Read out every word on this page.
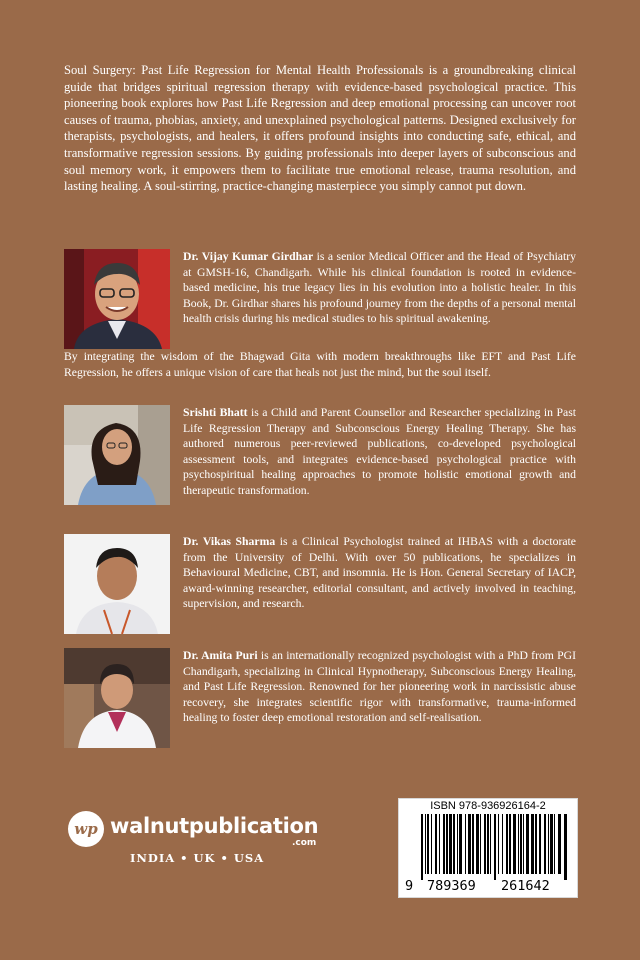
Soul Surgery: Past Life Regression for Mental Health Professionals is a groundbreaking clinical guide that bridges spiritual regression therapy with evidence-based psychological practice. This pioneering book explores how Past Life Regression and deep emotional processing can uncover root causes of trauma, phobias, anxiety, and unexplained psychological patterns. Designed exclusively for therapists, psychologists, and healers, it offers profound insights into conducting safe, ethical, and transformative regression sessions. By guiding professionals into deeper layers of subconscious and soul memory work, it empowers them to facilitate true emotional release, trauma resolution, and lasting healing. A soul-stirring, practice-changing masterpiece you simply cannot put down.
Dr. Vijay Kumar Girdhar is a senior Medical Officer and the Head of Psychiatry at GMSH-16, Chandigarh. While his clinical foundation is rooted in evidence-based medicine, his true legacy lies in his evolution into a holistic healer. In this Book, Dr. Girdhar shares his profound journey from the depths of a personal mental health crisis during his medical studies to his spiritual awakening.
By integrating the wisdom of the Bhagwad Gita with modern breakthroughs like EFT and Past Life Regression, he offers a unique vision of care that heals not just the mind, but the soul itself.
Srishti Bhatt is a Child and Parent Counsellor and Researcher specializing in Past Life Regression Therapy and Subconscious Energy Healing Therapy. She has authored numerous peer-reviewed publications, co-developed psychological assessment tools, and integrates evidence-based psychological practice with psychospiritual healing approaches to promote holistic emotional growth and therapeutic transformation.
Dr. Vikas Sharma is a Clinical Psychologist trained at IHBAS with a doctorate from the University of Delhi. With over 50 publications, he specializes in Behavioural Medicine, CBT, and insomnia. He is Hon. General Secretary of IACP, award-winning researcher, editorial consultant, and actively involved in teaching, supervision, and research.
Dr. Amita Puri is an internationally recognized psychologist with a PhD from PGI Chandigarh, specializing in Clinical Hypnotherapy, Subconscious Energy Healing, and Past Life Regression. Renowned for her pioneering work in narcissistic abuse recovery, she integrates scientific rigor with transformative, trauma-informed healing to foster deep emotional restoration and self-realisation.
wp walnutpublication
.com
INDIA • UK • USA
ISBN 978-936926164-2
9 789369 261642
